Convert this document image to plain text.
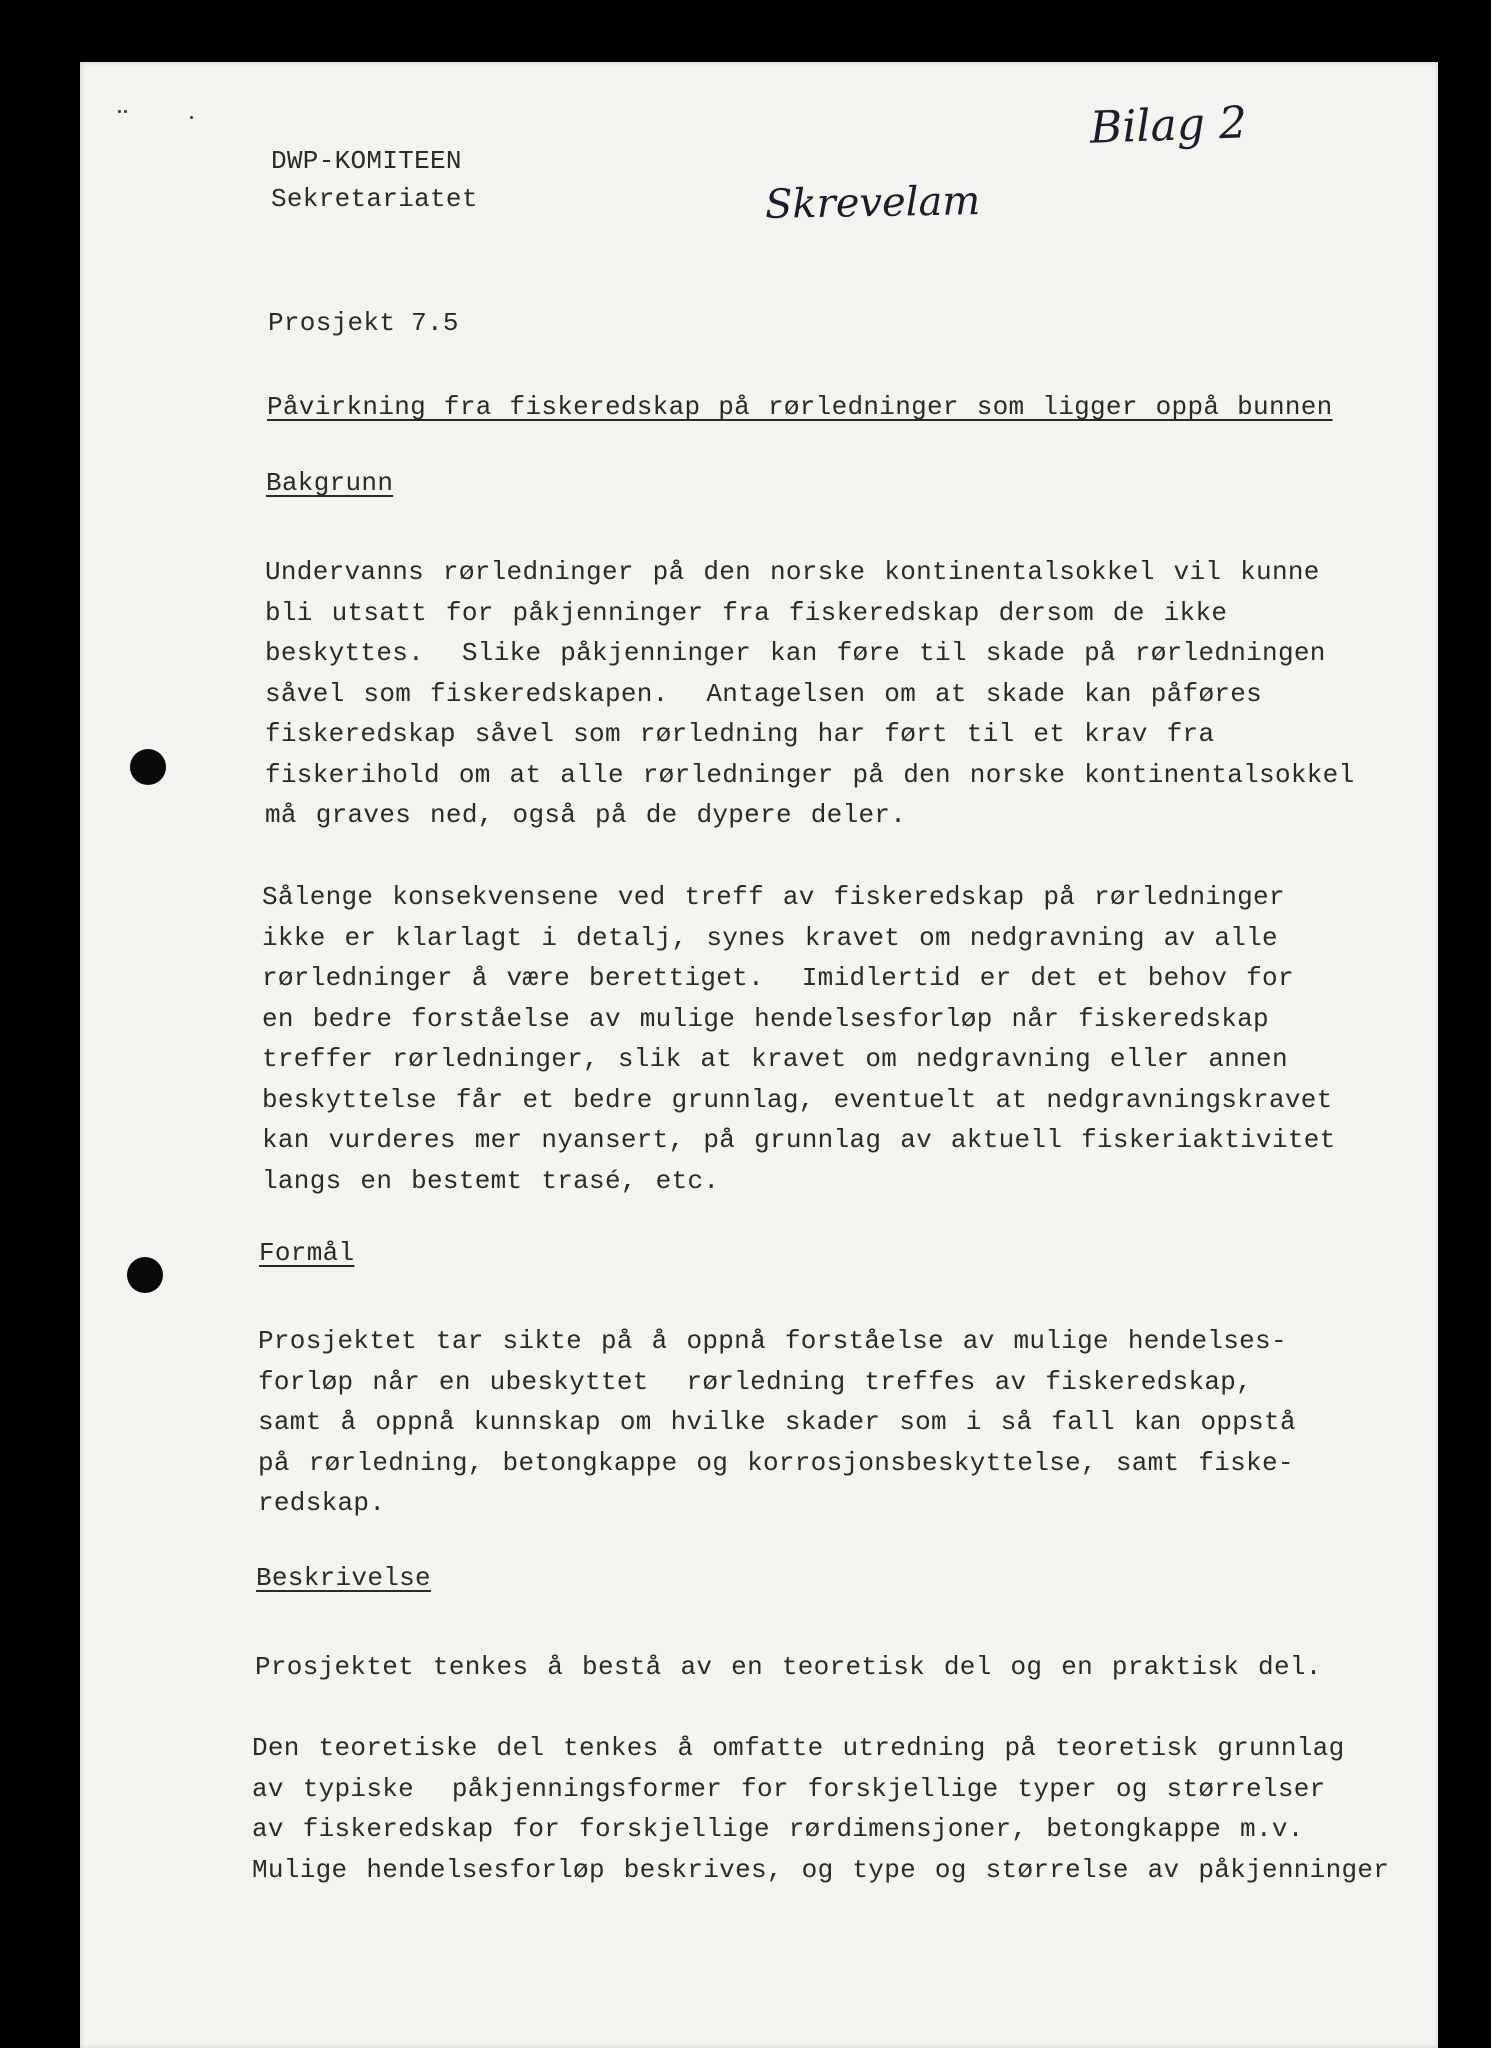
Bilag 2
Skrevelam
DWP-KOMITEEN
Sekretariatet
Prosjekt 7.5
Påvirkning fra fiskeredskap på rørledninger som ligger oppå bunnen
Bakgrunn
Undervanns rørledninger på den norske kontinentalsokkel vil kunne
bli utsatt for påkjenninger fra fiskeredskap dersom de ikke
beskyttes.  Slike påkjenninger kan føre til skade på rørledningen
såvel som fiskeredskapen.  Antagelsen om at skade kan påføres
fiskeredskap såvel som rørledning har ført til et krav fra
fiskerihold om at alle rørledninger på den norske kontinentalsokkel
må graves ned, også på de dypere deler.
Sålenge konsekvensene ved treff av fiskeredskap på rørledninger
ikke er klarlagt i detalj, synes kravet om nedgravning av alle
rørledninger å være berettiget.  Imidlertid er det et behov for
en bedre forståelse av mulige hendelsesforløp når fiskeredskap
treffer rørledninger, slik at kravet om nedgravning eller annen
beskyttelse får et bedre grunnlag, eventuelt at nedgravningskravet
kan vurderes mer nyansert, på grunnlag av aktuell fiskeriaktivitet
langs en bestemt trasé, etc.
Formål
Prosjektet tar sikte på å oppnå forståelse av mulige hendelses-
forløp når en ubeskyttet  rørledning treffes av fiskeredskap,
samt å oppnå kunnskap om hvilke skader som i så fall kan oppstå
på rørledning, betongkappe og korrosjonsbeskyttelse, samt fiske-
redskap.
Beskrivelse
Prosjektet tenkes å bestå av en teoretisk del og en praktisk del.
Den teoretiske del tenkes å omfatte utredning på teoretisk grunnlag
av typiske  påkjenningsformer for forskjellige typer og størrelser
av fiskeredskap for forskjellige rørdimensjoner, betongkappe m.v.
Mulige hendelsesforløp beskrives, og type og størrelse av påkjenninger
